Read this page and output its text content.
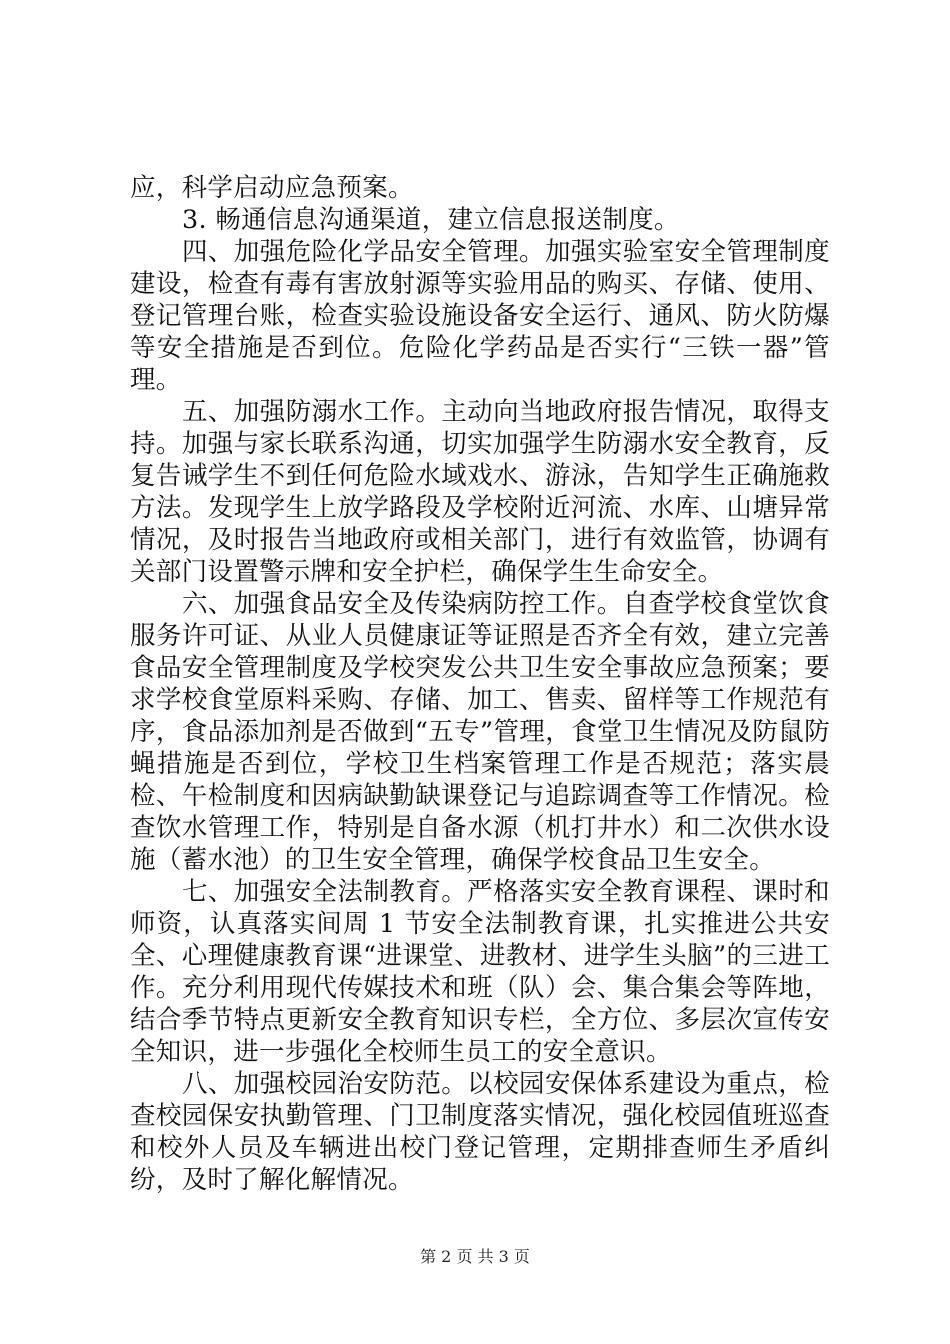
应，科学启动应急预案。

3. 畅通信息沟通渠道，建立信息报送制度。

四、加强危险化学品安全管理。加强实验室安全管理制度建设，检查有毒有害放射源等实验用品的购买、存储、使用、登记管理台账，检查实验设施设备安全运行、通风、防火防爆等安全措施是否到位。危险化学药品是否实行“三铁一器”管理。

五、加强防溺水工作。主动向当地政府报告情况，取得支持。加强与家长联系沟通，切实加强学生防溺水安全教育，反复告诫学生不到任何危险水域戏水、游泳，告知学生正确施救方法。发现学生上放学路段及学校附近河流、水库、山塘异常情况，及时报告当地政府或相关部门，进行有效监管，协调有关部门设置警示牌和安全护栏，确保学生生命安全。

六、加强食品安全及传染病防控工作。自查学校食堂饮食服务许可证、从业人员健康证等证照是否齐全有效，建立完善食品安全管理制度及学校突发公共卫生安全事故应急预案；要求学校食堂原料采购、存储、加工、售卖、留样等工作规范有序，食品添加剂是否做到“五专”管理，食堂卫生情况及防鼠防蝇措施是否到位，学校卫生档案管理工作是否规范；落实晨检、午检制度和因病缺勤缺课登记与追踪调查等工作情况。检查饮水管理工作，特别是自备水源（机打井水）和二次供水设施（蓄水池）的卫生安全管理，确保学校食品卫生安全。

七、加强安全法制教育。严格落实安全教育课程、课时和师资，认真落实间周 1 节安全法制教育课，扎实推进公共安全、心理健康教育课“进课堂、进教材、进学生头脑”的三进工作。充分利用现代传媒技术和班（队）会、集合集会等阵地，结合季节特点更新安全教育知识专栏，全方位、多层次宣传安全知识，进一步强化全校师生员工的安全意识。

八、加强校园治安防范。以校园安保体系建设为重点，检查校园保安执勤管理、门卫制度落实情况，强化校园值班巡查和校外人员及车辆进出校门登记管理，定期排查师生矛盾纠纷，及时了解化解情况。

第 2 页 共 3 页
